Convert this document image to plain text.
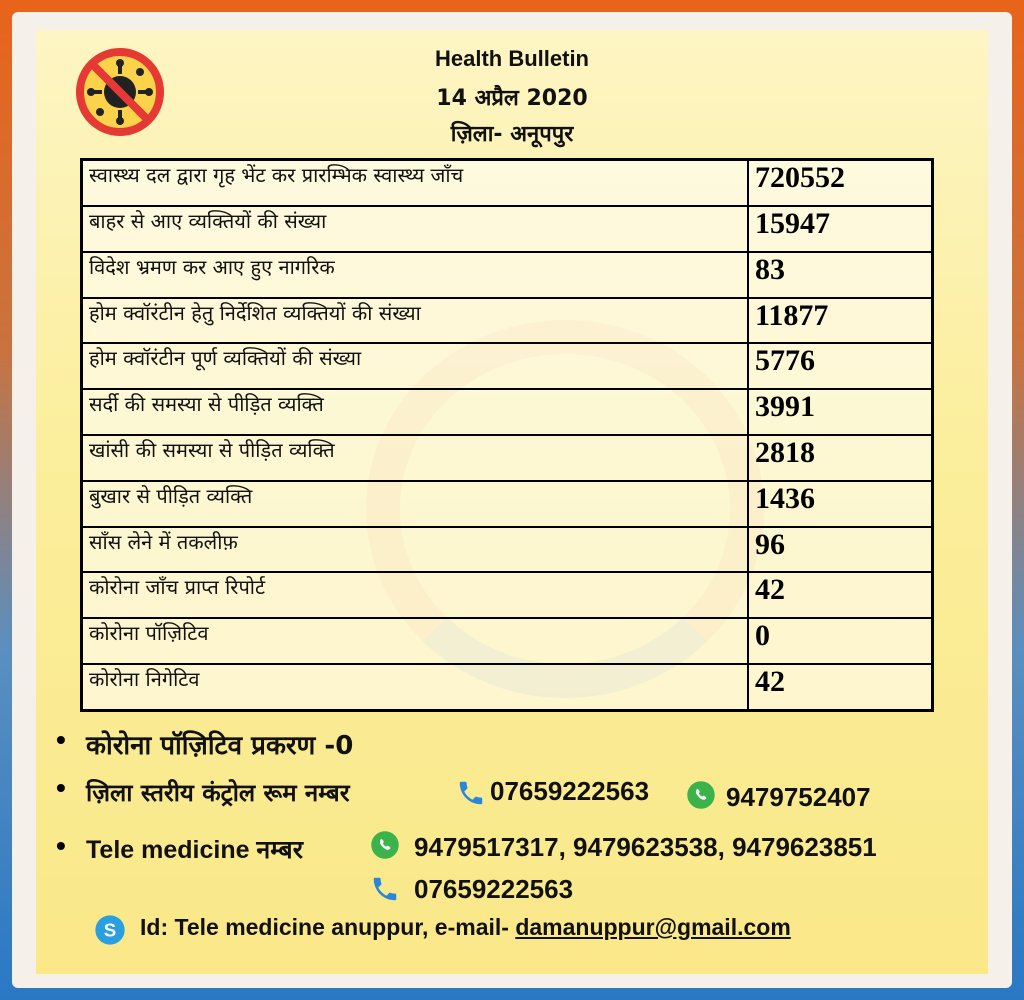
Health Bulletin
14 अप्रैल 2020
ज़िला- अनूपपुर
स्वास्थ्य दल द्वारा गृह भेंट कर प्रारम्भिक स्वास्थ्य जाँच	720552
बाहर से आए व्यक्तियों की संख्या	15947
विदेश भ्रमण कर आए हुए नागरिक	83
होम क्वॉरंटीन हेतु निर्देशित व्यक्तियों की संख्या	11877
होम क्वॉरंटीन पूर्ण व्यक्तियों की संख्या	5776
सर्दी की समस्या से पीड़ित व्यक्ति	3991
खांसी की समस्या से पीड़ित व्यक्ति	2818
बुखार से पीड़ित व्यक्ति	1436
साँस लेने में तकलीफ़	96
कोरोना जाँच प्राप्त रिपोर्ट	42
कोरोना पॉज़िटिव	0
कोरोना निगेटिव	42
• कोरोना पॉज़िटिव प्रकरण -0
• ज़िला स्तरीय कंट्रोल रूम नम्बर	07659222563	9479752407
• Tele medicine नम्बर	9479517317, 9479623538, 9479623851
07659222563
S Id: Tele medicine anuppur, e-mail- damanuppur@gmail.com
